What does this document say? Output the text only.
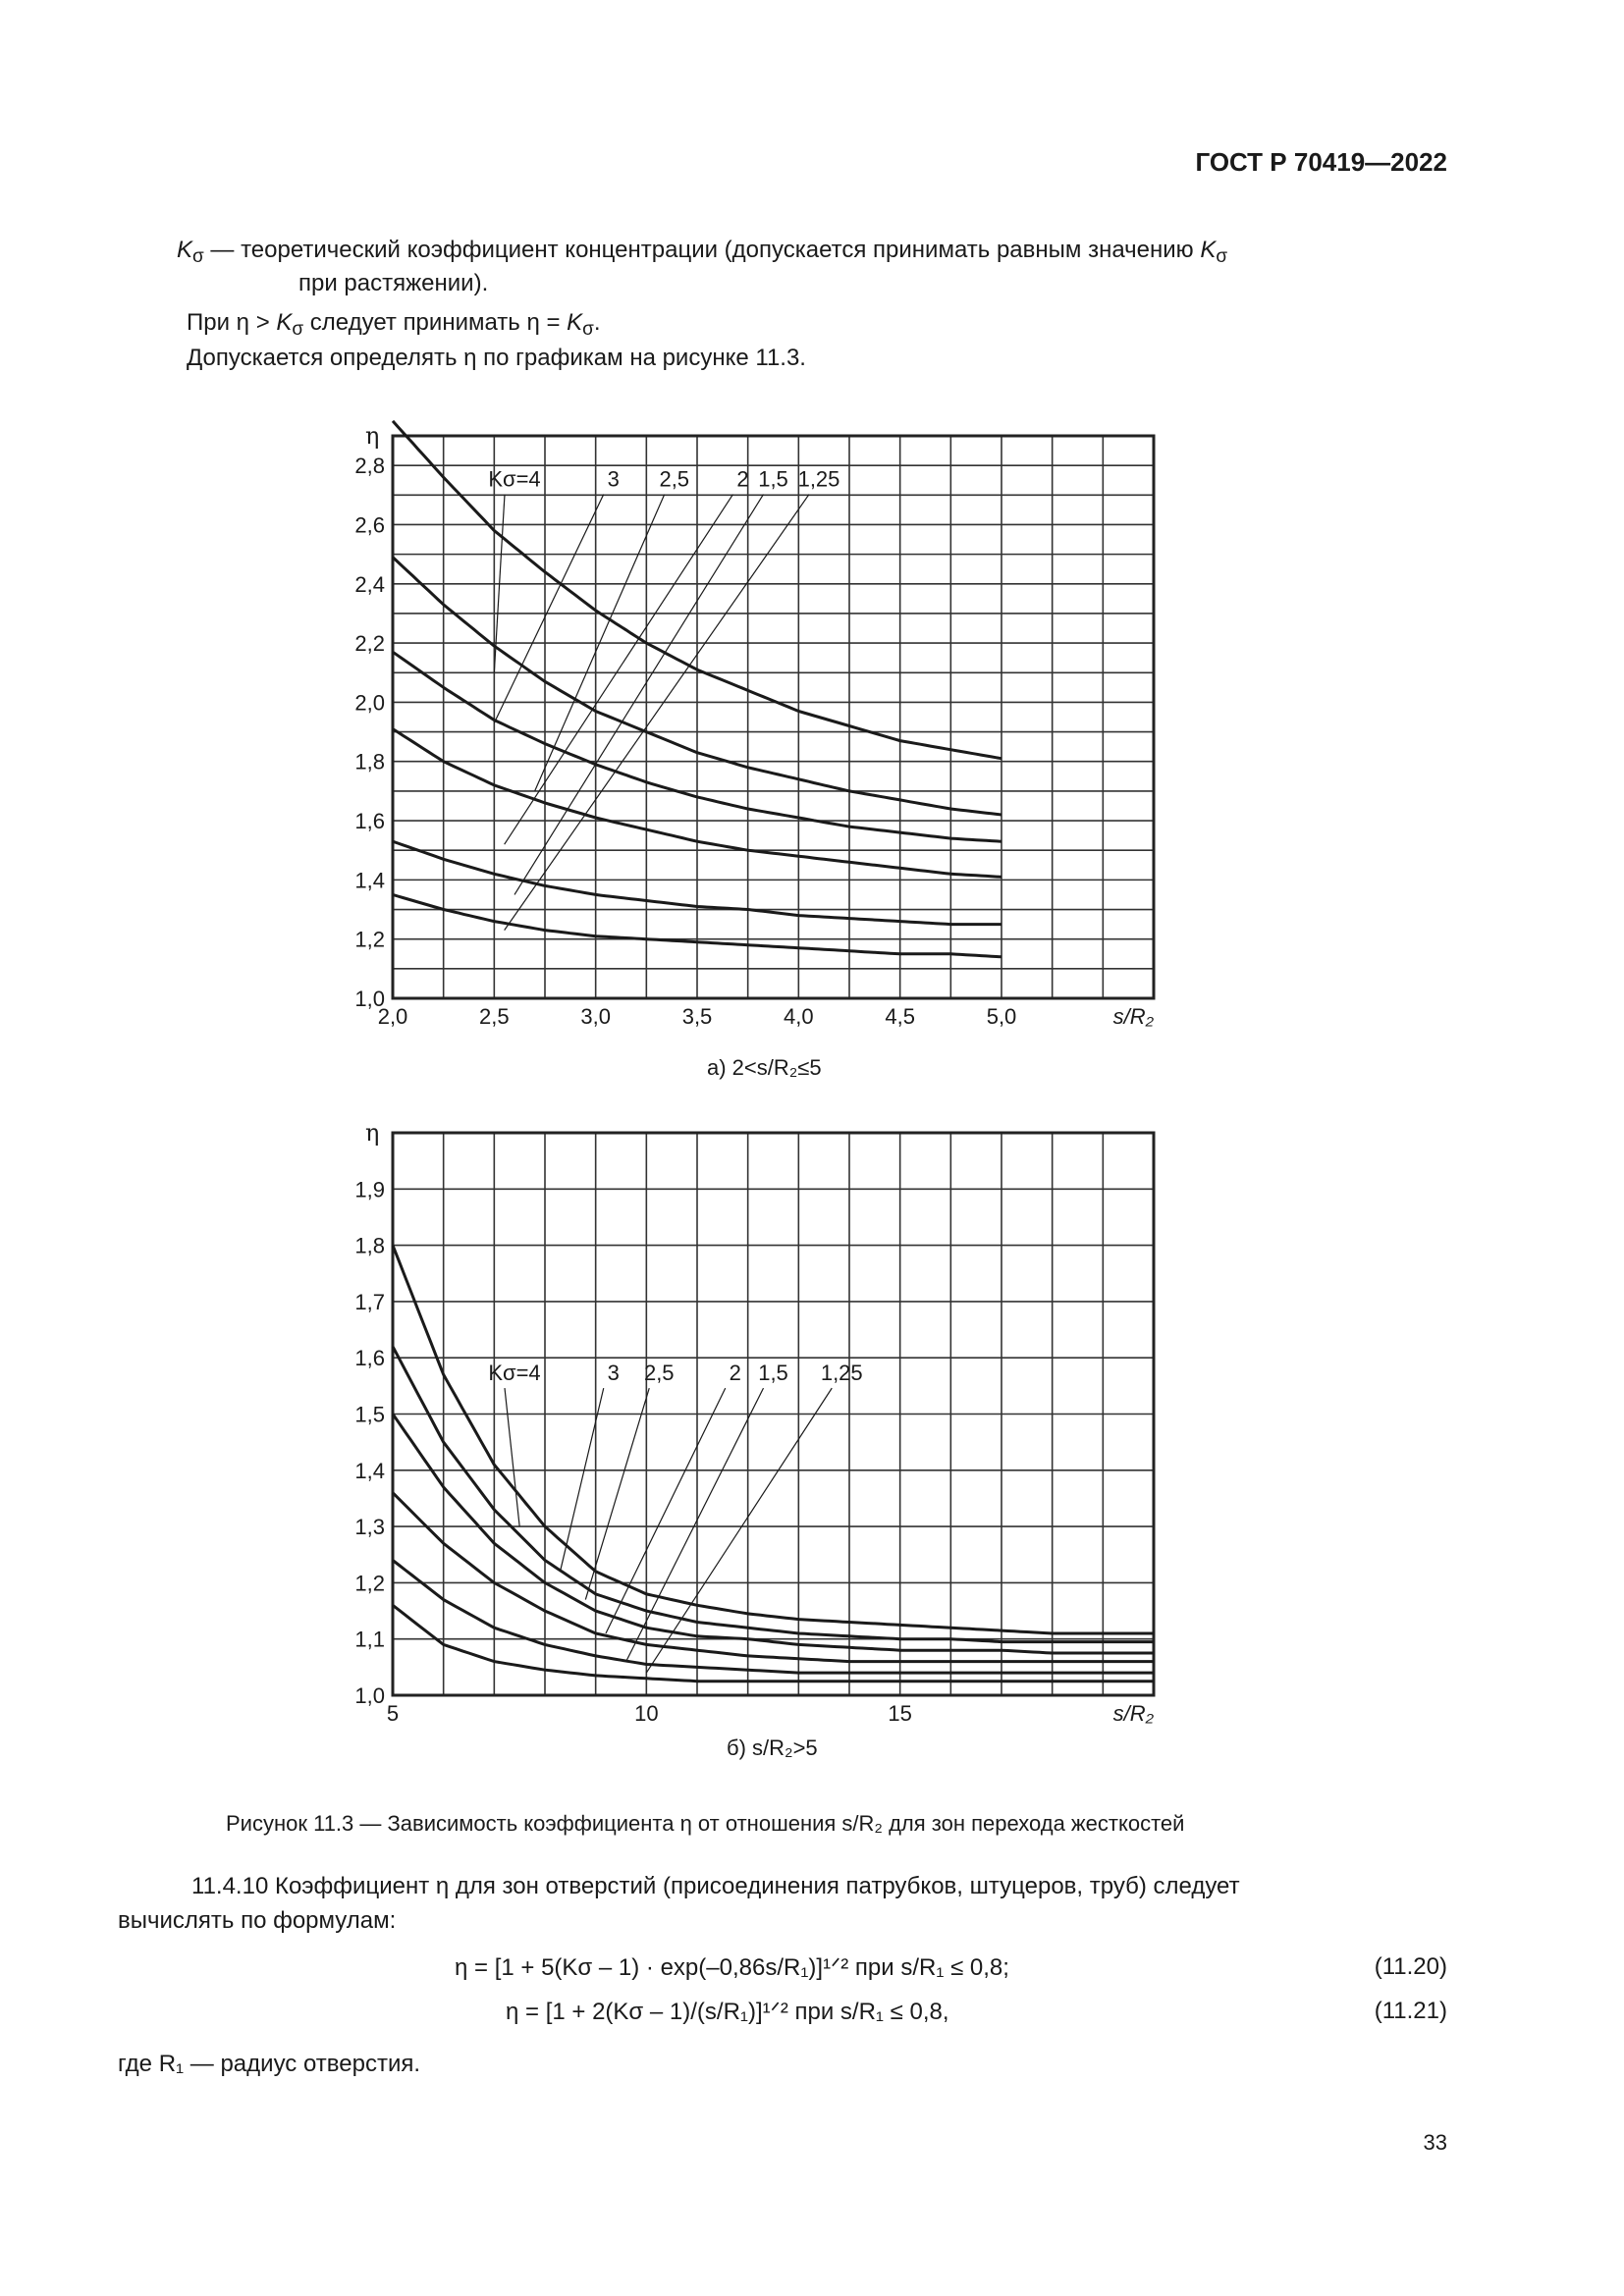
ГОСТ Р 70419—2022
$K_\sigma$ — теоретический коэффициент концентрации (допускается принимать равным значению $K_\sigma$
при растяжении).
При $\eta > K_\sigma$ следует принимать $\eta = K_\sigma$.
Допускается определять η по графикам на рисунке 11.3.
1,0
1,2
1,4
1,6
1,8
2,0
2,2
2,4
2,6
2,8
η
2,0	2,5	3,0	3,5	4,0	4,5	5,0	s/R₂
Kσ=4	3 2,5 2 1,5 1,25
а) 2<s/R₂≤5
1,0
1,1
1,2
1,3
1,4
1,5
1,6
1,7
1,8
1,9
η
5	10	15	s/R₂
Kσ=4	3 2,5	2 1,5 1,25
б) s/R₂>5
Рисунок 11.3 — Зависимость коэффициента η от отношения s/R₂ для зон перехода жесткостей
11.4.10 Коэффициент η для зон отверстий (присоединения патрубков, штуцеров, труб) следует
вычислять по формулам:
η = [1 + 5(Kσ – 1) · exp(–0,86s/R₁)]¹ᐟ² при s/R₁ ≤ 0,8;	(11.20)
η = [1 + 2(Kσ – 1)/(s/R₁)]¹ᐟ² при s/R₁ ≤ 0,8,	(11.21)
где R₁ — радиус отверстия.
33
